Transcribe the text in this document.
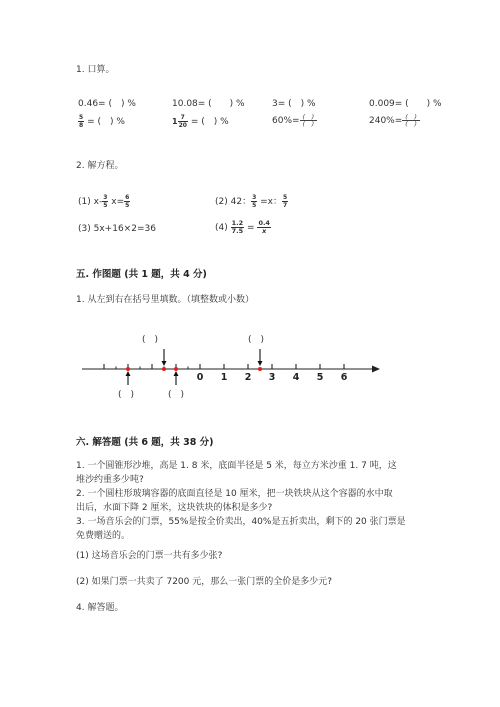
1. 口算。
0.46= (　) %	10.08= (　　) %	3= (　) %	0.009= (　　) %
$\frac{5}{8}$ = (　) %	$1 \frac{7}{20}$ = (　) %	$60\%= \frac{( )}{( )}$	$240\%= \frac{( )}{( )}$
2. 解方程。
(1) $x- \frac{3}{5} x= \frac{6}{5}$	(2) 42： $\frac{3}{5} =x$： $\frac{5}{7}$
(3) 5x+16×2=36	$(4) \frac{1.2}{7.5} = \frac{0.4}{x}$
五. 作图题 (共 1 题，共 4 分)
1. 从左到右在括号里填数。（填整数或小数）
0 1 2 3 4 5 6
(　)	(　)
(　)	(　)
六. 解答题 (共 6 题，共 38 分)
1. 一个圆锥形沙堆，高是 1. 8 米，底面半径是 5 米，每立方米沙重 1. 7 吨，这
堆沙约重多少吨?
2. 一个圆柱形玻璃容器的底面直径是 10 厘米，把一块铁块从这个容器的水中取
出后，水面下降 2 厘米，这块铁块的体积是多少?
3. 一场音乐会的门票，55%是按全价卖出，40%是五折卖出，剩下的 20 张门票是
免费赠送的。
(1) 这场音乐会的门票一共有多少张?
(2) 如果门票一共卖了 7200 元，那么一张门票的全价是多少元?
4. 解答题。
